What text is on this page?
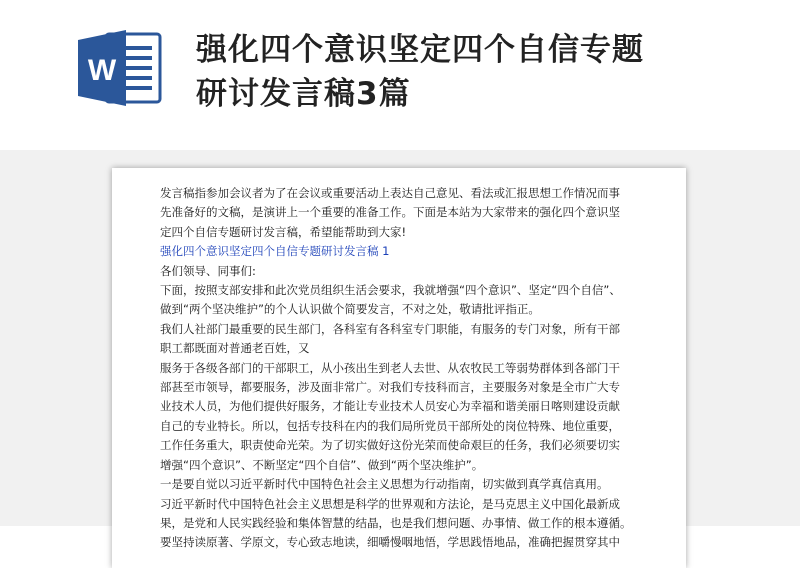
W
强化四个意识坚定四个自信专题
研讨发言稿3篇
发言稿指参加会议者为了在会议或重要活动上表达自己意见、看法或汇报思想工作情况而事
先准备好的文稿，是演讲上一个重要的准备工作。下面是本站为大家带来的强化四个意识坚
定四个自信专题研讨发言稿，希望能帮助到大家!
强化四个意识坚定四个自信专题研讨发言稿 1
各们领导、同事们:
下面，按照支部安排和此次党员组织生活会要求，我就增强“四个意识”、坚定“四个自信”、
做到“两个坚决维护”的个人认识做个简要发言，不对之处，敬请批评指正。
我们人社部门最重要的民生部门，各科室有各科室专门职能，有服务的专门对象，所有干部
职工都既面对普通老百姓，又
服务于各级各部门的干部职工，从小孩出生到老人去世、从农牧民工等弱势群体到各部门干
部甚至市领导，都要服务，涉及面非常广。对我们专技科而言，主要服务对象是全市广大专
业技术人员，为他们提供好服务，才能让专业技术人员安心为幸福和谐美丽日喀则建设贡献
自己的专业特长。所以，包括专技科在内的我们局所党员干部所处的岗位特殊、地位重要，
工作任务重大，职责使命光荣。为了切实做好这份光荣而使命艰巨的任务，我们必须要切实
增强“四个意识”、不断坚定“四个自信”、做到“两个坚决维护”。
一是要自觉以习近平新时代中国特色社会主义思想为行动指南，切实做到真学真信真用。
习近平新时代中国特色社会主义思想是科学的世界观和方法论，是马克思主义中国化最新成
果，是党和人民实践经验和集体智慧的结晶，也是我们想问题、办事情、做工作的根本遵循。
要坚持读原著、学原文，专心致志地读，细嚼慢咽地悟，学思践悟地品，准确把握贯穿其中
